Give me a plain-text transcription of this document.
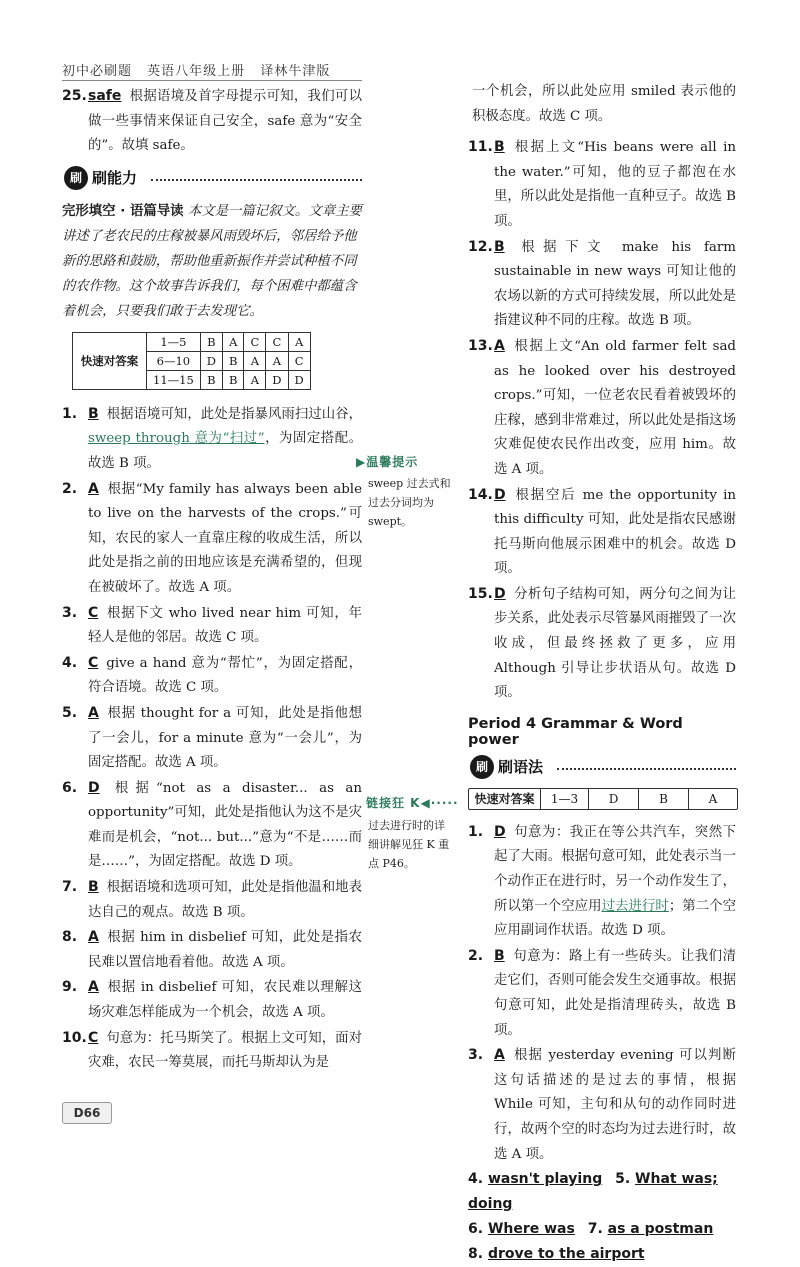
初中必刷题 英语八年级上册 译林牛津版
25. safe 根据语境及首字母提示可知，我们可以做一些事情来保证自己安全，safe 意为“安全的”。故填 safe。
刷 刷能力
完形填空 · 语篇导读 本文是一篇记叙文。文章主要讲述了老农民的庄稼被暴风雨毁坏后，邻居给予他新的思路和鼓励，帮助他重新振作并尝试种植不同的农作物。这个故事告诉我们，每个困难中都蕴含着机会，只要我们敢于去发现它。
快速对答案	1—5	B	A	C	C	A
	6—10	D	B	A	A	C
	11—15	B	B	A	D	D
1. B 根据语境可知，此处是指暴风雨扫过山谷，sweep through 意为“扫过”，为固定搭配。故选 B 项。
2. A 根据“My family has always been able to live on the harvests of the crops.”可知，农民的家人一直靠庄稼的收成生活，所以此处是指之前的田地应该是充满希望的，但现在被破坏了。故选 A 项。
3. C 根据下文 who lived near him 可知，年轻人是他的邻居。故选 C 项。
4. C give a hand 意为“帮忙”，为固定搭配，符合语境。故选 C 项。
5. A 根据 thought for a 可知，此处是指他想了一会儿，for a minute 意为“一会儿”，为固定搭配。故选 A 项。
6. D 根据“not as a disaster... as an opportunity”可知，此处是指他认为这不是灾难而是机会，“not... but...”意为“不是……而是……”，为固定搭配。故选 D 项。
7. B 根据语境和选项可知，此处是指他温和地表达自己的观点。故选 B 项。
8. A 根据 him in disbelief 可知，此处是指农民难以置信地看着他。故选 A 项。
9. A 根据 in disbelief 可知，农民难以理解这场灾难怎样能成为一个机会，故选 A 项。
10. C 句意为：托马斯笑了。根据上文可知，面对灾难，农民一筹莫展，而托马斯却认为是
▶温馨提示
sweep 过去式和过去分词均为 swept。
链接狂 K◀·····
过去进行时的详细讲解见狂 K 重点 P46。
一个机会，所以此处应用 smiled 表示他的积极态度。故选 C 项。
11. B 根据上文“His beans were all in the water.”可知，他的豆子都泡在水里，所以此处是指他一直种豆子。故选 B 项。
12. B 根据下文 make his farm sustainable in new ways 可知让他的农场以新的方式可持续发展，所以此处是指建议种不同的庄稼。故选 B 项。
13. A 根据上文“An old farmer felt sad as he looked over his destroyed crops.”可知，一位老农民看着被毁坏的庄稼，感到非常难过，所以此处是指这场灾难促使农民作出改变，应用 him。故选 A 项。
14. D 根据空后 me the opportunity in this difficulty 可知，此处是指农民感谢托马斯向他展示困难中的机会。故选 D 项。
15. D 分析句子结构可知，两分句之间为让步关系，此处表示尽管暴风雨摧毁了一次收成，但最终拯救了更多，应用 Although 引导让步状语从句。故选 D 项。
Period 4 Grammar & Word power
刷 刷语法
快速对答案	1—3	D	B	A
1. D 句意为：我正在等公共汽车，突然下起了大雨。根据句意可知，此处表示当一个动作正在进行时，另一个动作发生了，所以第一个空应用过去进行时；第二个空应用副词作状语。故选 D 项。
2. B 句意为：路上有一些砖头。让我们清走它们，否则可能会发生交通事故。根据句意可知，此处是指清理砖头，故选 B 项。
3. A 根据 yesterday evening 可以判断这句话描述的是过去的事情，根据 While 可知，主句和从句的动作同时进行，故两个空的时态均为过去进行时，故选 A 项。
4. wasn't playing 5. What was; doing
6. Where was 7. as a postman
8. drove to the airport
D66
